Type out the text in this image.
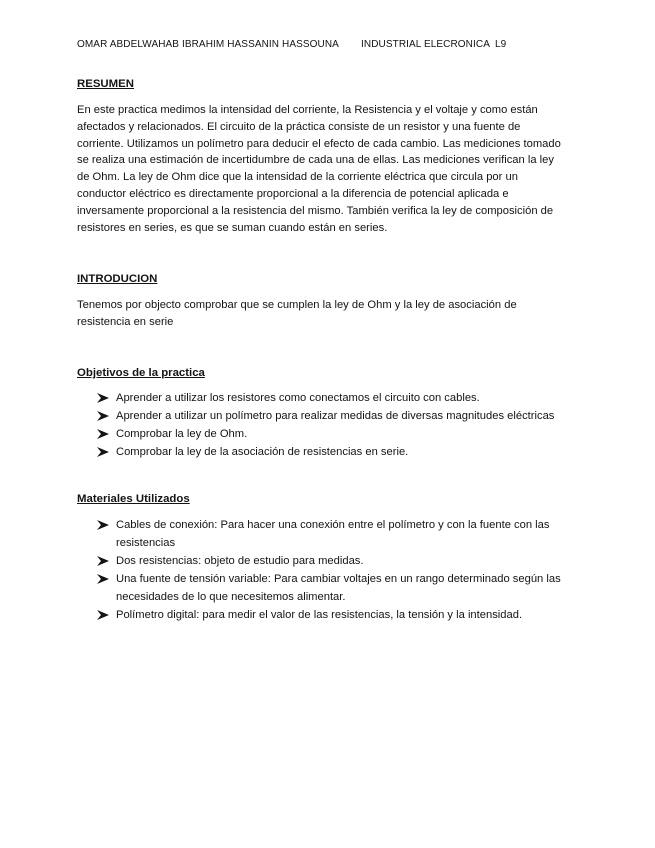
OMAR ABDELWAHAB IBRAHIM HASSANIN HASSOUNA INDUSTRIAL ELECRONICA L9
RESUMEN

En este practica medimos la intensidad del corriente, la Resistencia y el voltaje y como están afectados y relacionados. El circuito de la práctica consiste de un resistor y una fuente de corriente. Utilizamos un polímetro para deducir el efecto de cada cambio. Las mediciones tomado se realiza una estimación de incertidumbre de cada una de ellas. Las mediciones verifican la ley de Ohm. La ley de Ohm dice que la intensidad de la corriente eléctrica que circula por un conductor eléctrico es directamente proporcional a la diferencia de potencial aplicada e inversamente proporcional a la resistencia del mismo. También verifica la ley de composición de resistores en series, es que se suman cuando están en series.

INTRODUCION

Tenemos por objecto comprobar que se cumplen la ley de Ohm y la ley de asociación de resistencia en serie

Objetivos de la practica
Aprender a utilizar los resistores como conectamos el circuito con cables.
Aprender a utilizar un polímetro para realizar medidas de diversas magnitudes eléctricas
Comprobar la ley de Ohm.
Comprobar la ley de la asociación de resistencias en serie.
Materiales Utilizados
Cables de conexión: Para hacer una conexión entre el polímetro y con la fuente con las resistencias
Dos resistencias: objeto de estudio para medidas.
Una fuente de tensión variable: Para cambiar voltajes en un rango determinado según las necesidades de lo que necesitemos alimentar.
Polímetro digital: para medir el valor de las resistencias, la tensión y la intensidad.
